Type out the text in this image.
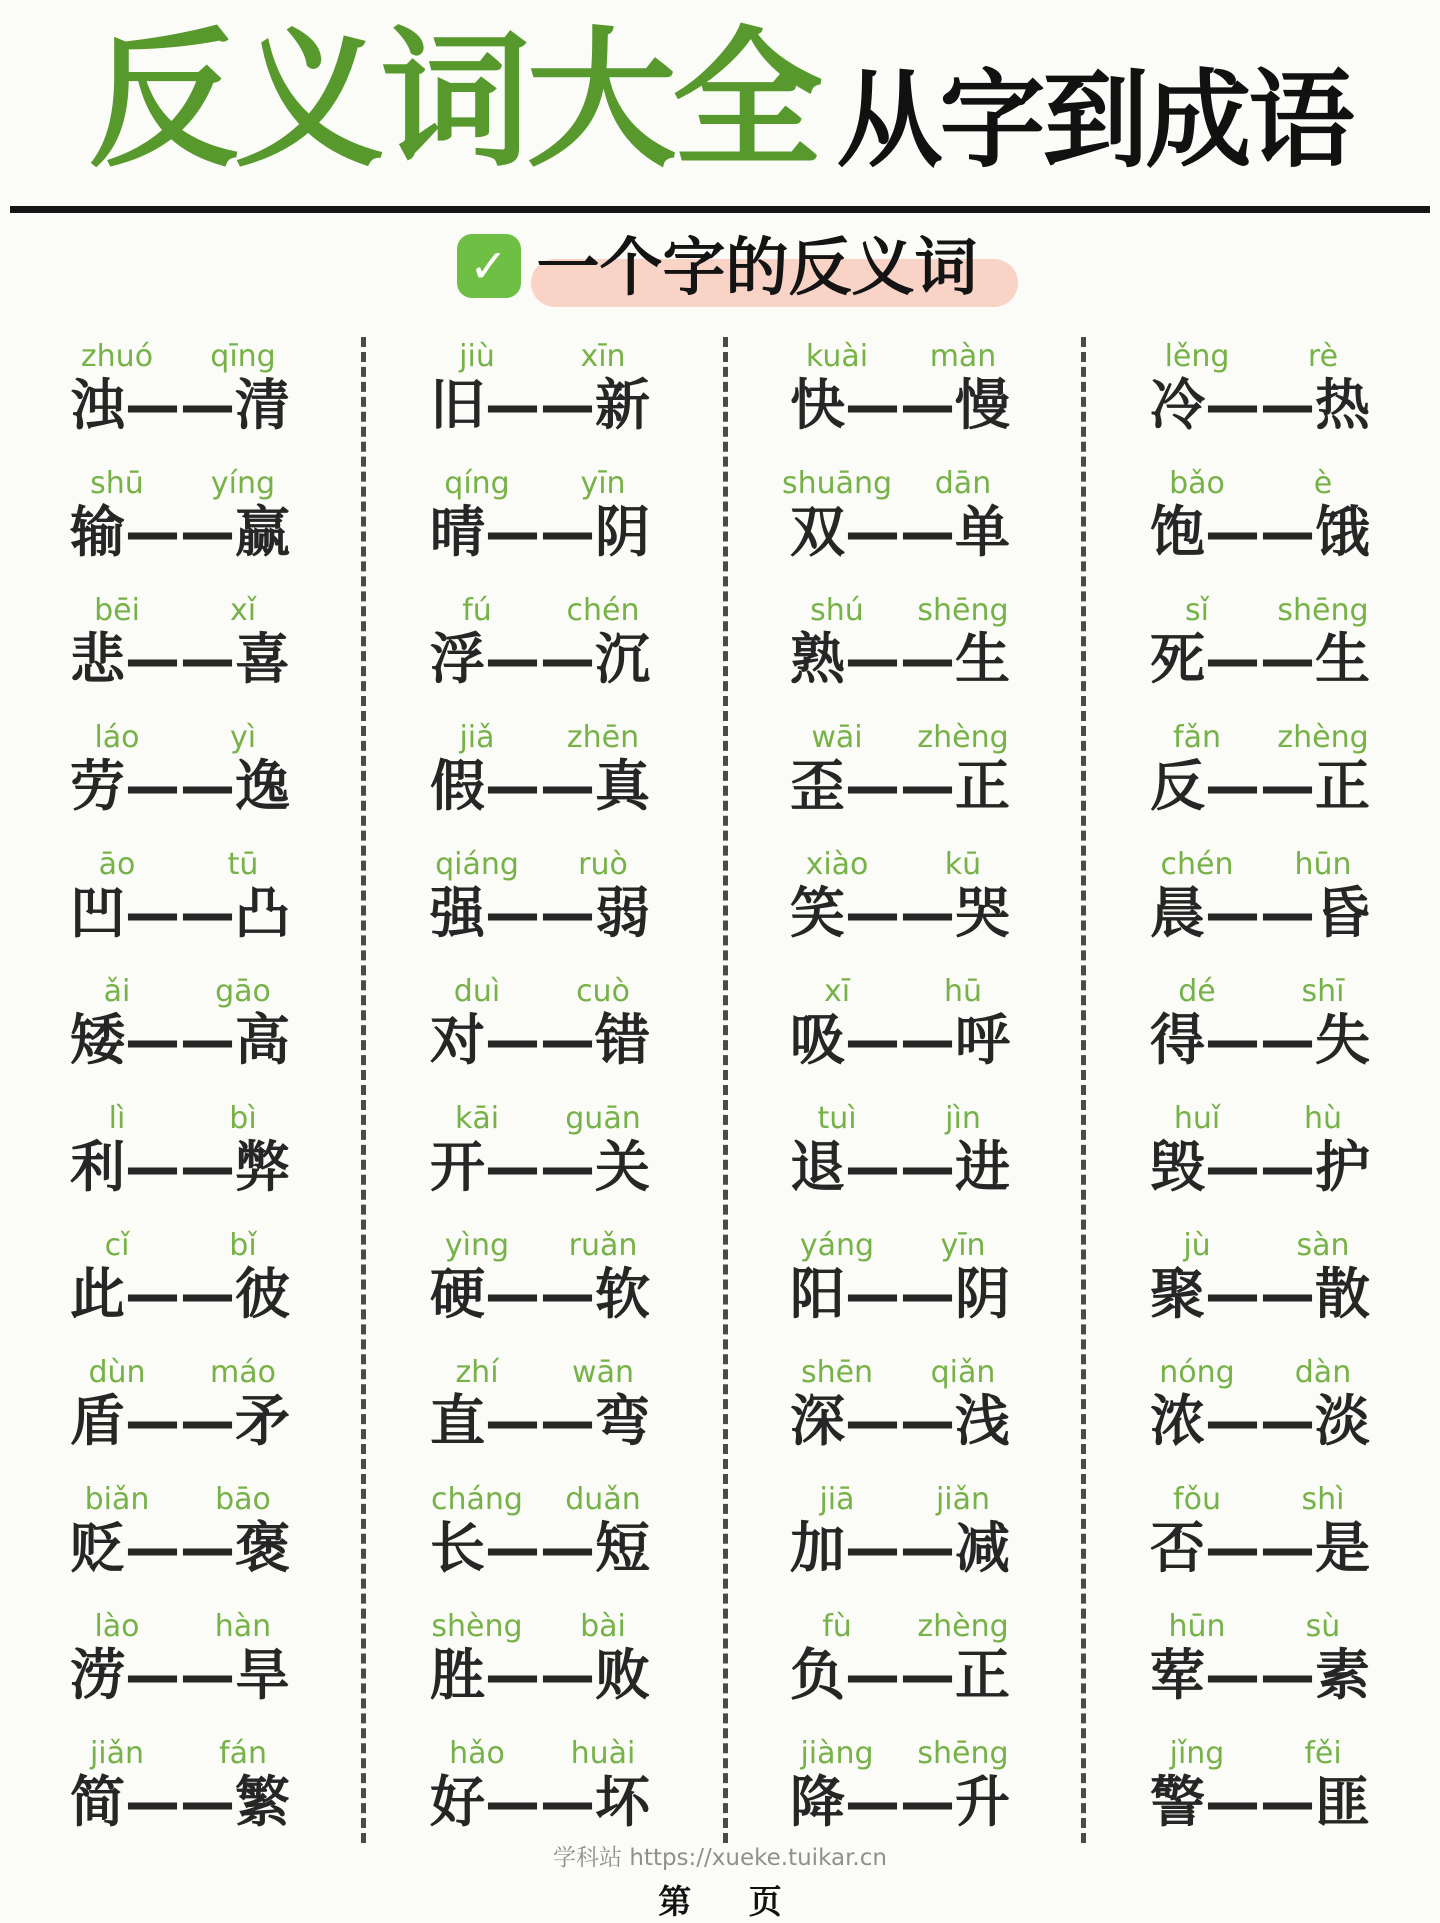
反义词大全 从字到成语
✓ 一个字的反义词
zhuó	qīng
浊——清
jiù	xīn
旧——新
kuài	màn
快——慢
lěng	rè
冷——热
shū	yíng
输——赢
qíng	yīn
晴——阴
shuāng	dān
双——单
bǎo	è
饱——饿
bēi	xǐ
悲——喜
fú	chén
浮——沉
shú	shēng
熟——生
sǐ	shēng
死——生
láo	yì
劳——逸
jiǎ	zhēn
假——真
wāi	zhèng
歪——正
fǎn	zhèng
反——正
āo	tū
凹——凸
qiáng	ruò
强——弱
xiào	kū
笑——哭
chén	hūn
晨——昏
ǎi	gāo
矮——高
duì	cuò
对——错
xī	hū
吸——呼
dé	shī
得——失
lì	bì
利——弊
kāi	guān
开——关
tuì	jìn
退——进
huǐ	hù
毁——护
cǐ	bǐ
此——彼
yìng	ruǎn
硬——软
yáng	yīn
阳——阴
jù	sàn
聚——散
dùn	máo
盾——矛
zhí	wān
直——弯
shēn	qiǎn
深——浅
nóng	dàn
浓——淡
biǎn	bāo
贬——褒
cháng	duǎn
长——短
jiā	jiǎn
加——减
fǒu	shì
否——是
lào	hàn
涝——旱
shèng	bài
胜——败
fù	zhèng
负——正
hūn	sù
荤——素
jiǎn	fán
简——繁
hǎo	huài
好——坏
jiàng	shēng
降——升
jǐng	fěi
警——匪
学科站 https://xueke.tuikar.cn
第 页
